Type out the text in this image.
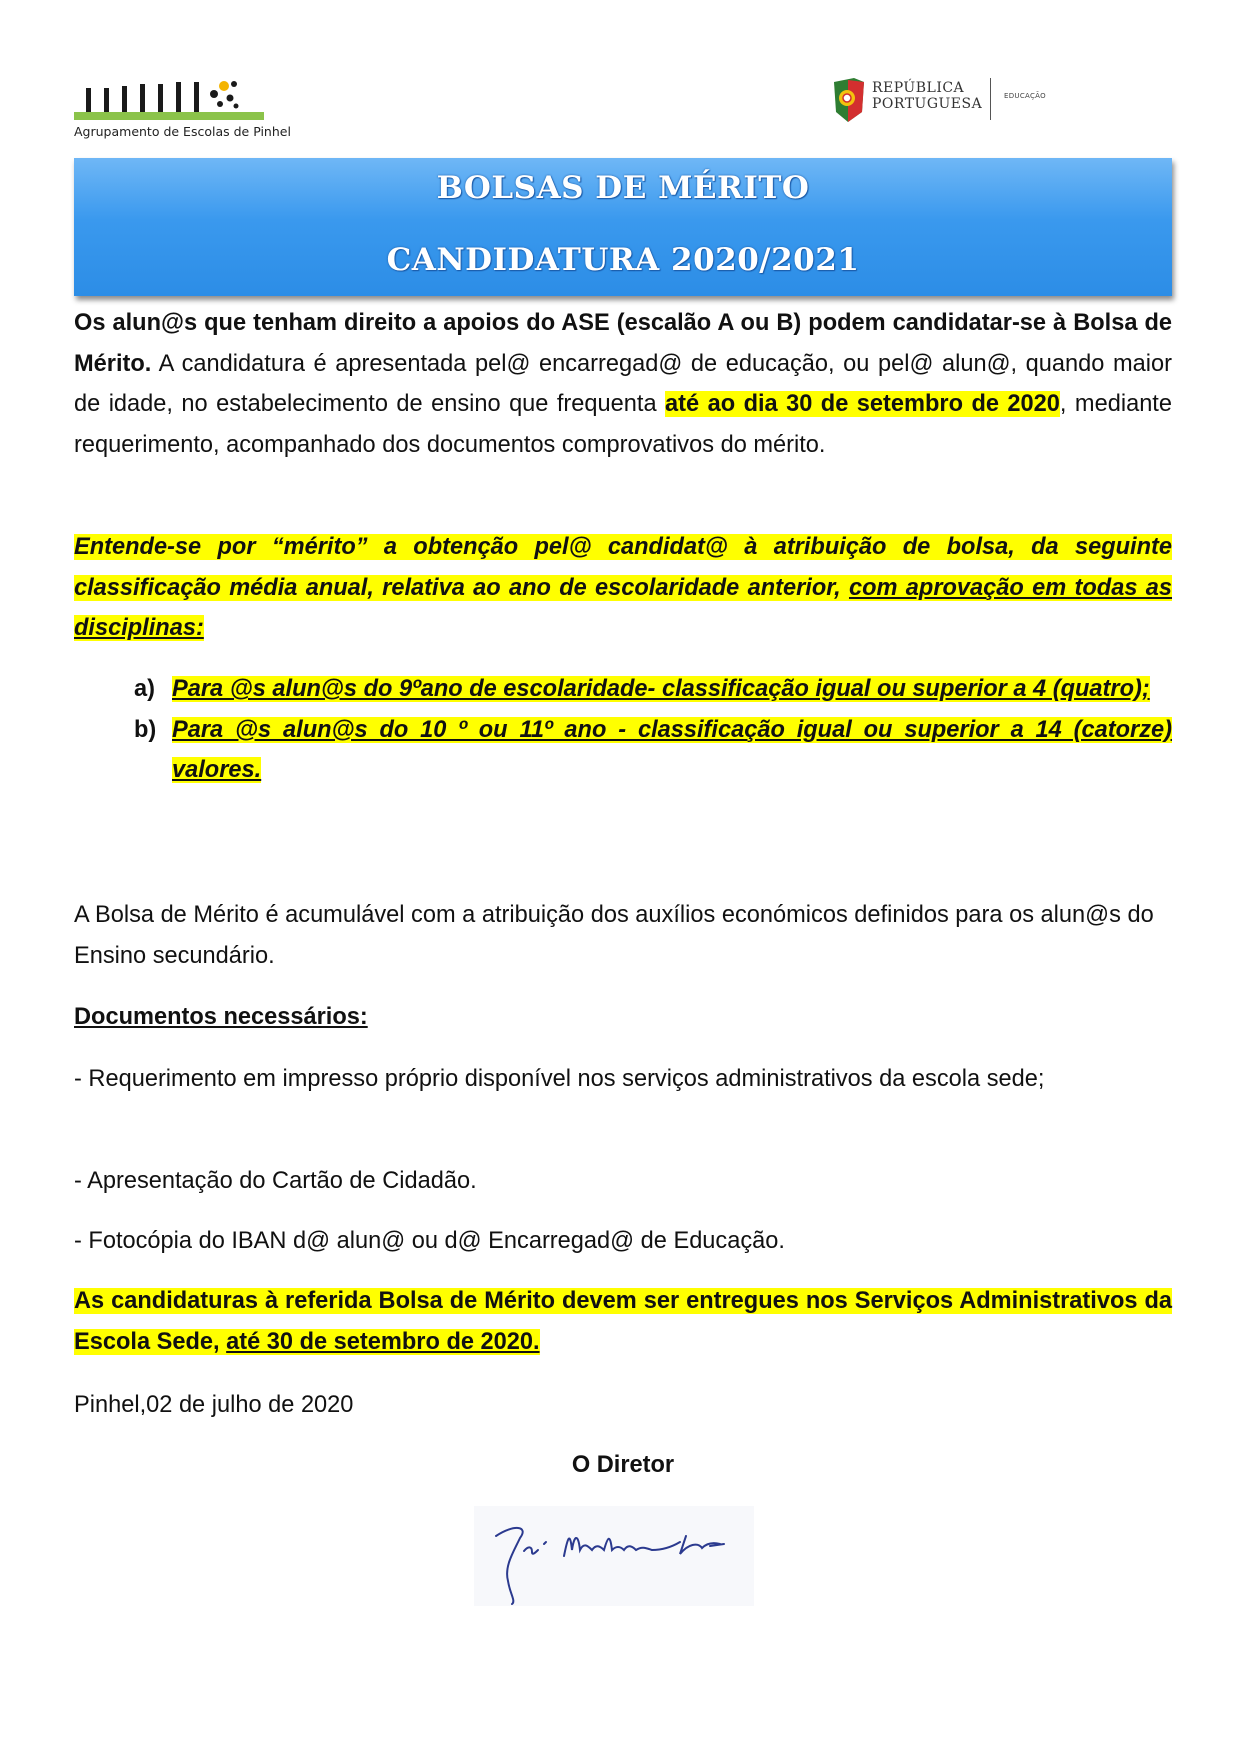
Agrupamento de Escolas de Pinhel
REPÚBLICA
PORTUGUESA	EDUCAÇÃO
BOLSAS DE MÉRITO
CANDIDATURA 2020/2021
Os alun@s que tenham direito a apoios do ASE (escalão A ou B) podem candidatar-se à Bolsa de Mérito. A candidatura é apresentada pel@ encarregad@ de educação, ou pel@ alun@, quando maior de idade, no estabelecimento de ensino que frequenta até ao dia 30 de setembro de 2020, mediante requerimento, acompanhado dos documentos comprovativos do mérito.
Entende-se por “mérito” a obtenção pel@ candidat@ à atribuição de bolsa, da seguinte classificação média anual, relativa ao ano de escolaridade anterior, com aprovação em todas as disciplinas:
a) Para @s alun@s do 9ºano de escolaridade- classificação igual ou superior a 4 (quatro);
b) Para @s alun@s do 10 º ou 11º ano - classificação igual ou superior a 14 (catorze) valores.
A Bolsa de Mérito é acumulável com a atribuição dos auxílios económicos definidos para os alun@s do Ensino secundário.
Documentos necessários:
- Requerimento em impresso próprio disponível nos serviços administrativos da escola sede;
- Apresentação do Cartão de Cidadão.
- Fotocópia do IBAN d@ alun@ ou d@ Encarregad@ de Educação.
As candidaturas à referida Bolsa de Mérito devem ser entregues nos Serviços Administrativos da Escola Sede, até 30 de setembro de 2020.
Pinhel,02 de julho de 2020
O Diretor
